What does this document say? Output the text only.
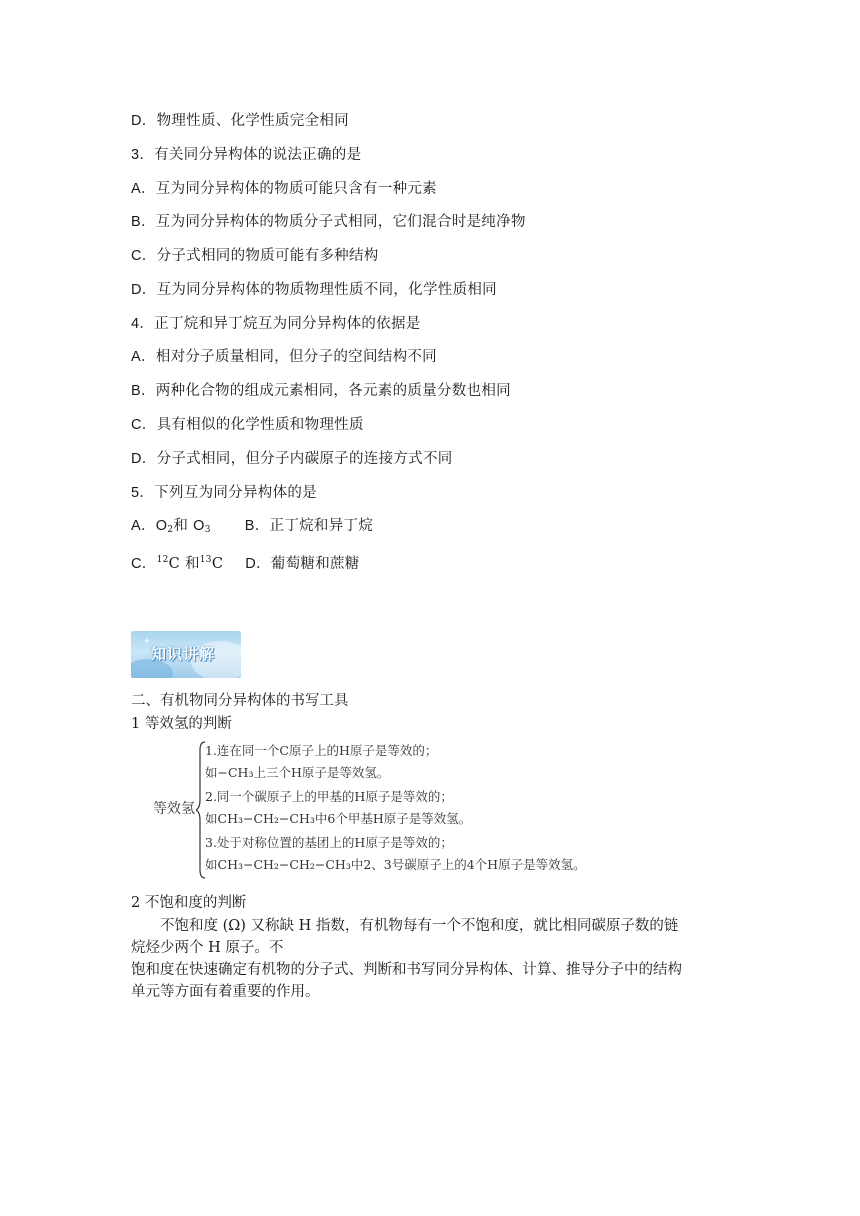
D．物理性质、化学性质完全相同
3．有关同分异构体的说法正确的是
A．互为同分异构体的物质可能只含有一种元素
B．互为同分异构体的物质分子式相同，它们混合时是纯净物
C．分子式相同的物质可能有多种结构
D．互为同分异构体的物质物理性质不同，化学性质相同
4．正丁烷和异丁烷互为同分异构体的依据是
A．相对分子质量相同，但分子的空间结构不同
B．两种化合物的组成元素相同，各元素的质量分数也相同
C．具有相似的化学性质和物理性质
D．分子式相同，但分子内碳原子的连接方式不同
5．下列互为同分异构体的是
A．$O_2$和 $O_3$ B．正丁烷和异丁烷
C．$^{12}$C 和$^{13}$C D．葡萄糖和蔗糖
✦
知识讲解
二、有机物同分异构体的书写工具
1 等效氢的判断
等效氢
1.连在同一个C原子上的H原子是等效的；
如−CH₃上三个H原子是等效氢。
2.同一个碳原子上的甲基的H原子是等效的；
如CH₃−CH₂−CH₃中6个甲基H原子是等效氢。
3.处于对称位置的基团上的H原子是等效的；
如CH₃−CH₂−CH₂−CH₃中2、3号碳原子上的4个H原子是等效氢。
2 不饱和度的判断
不饱和度 (Ω) 又称缺 H 指数，有机物每有一个不饱和度，就比相同碳原子数的链
烷烃少两个 H 原子。不
饱和度在快速确定有机物的分子式、判断和书写同分异构体、计算、推导分子中的结构
单元等方面有着重要的作用。
